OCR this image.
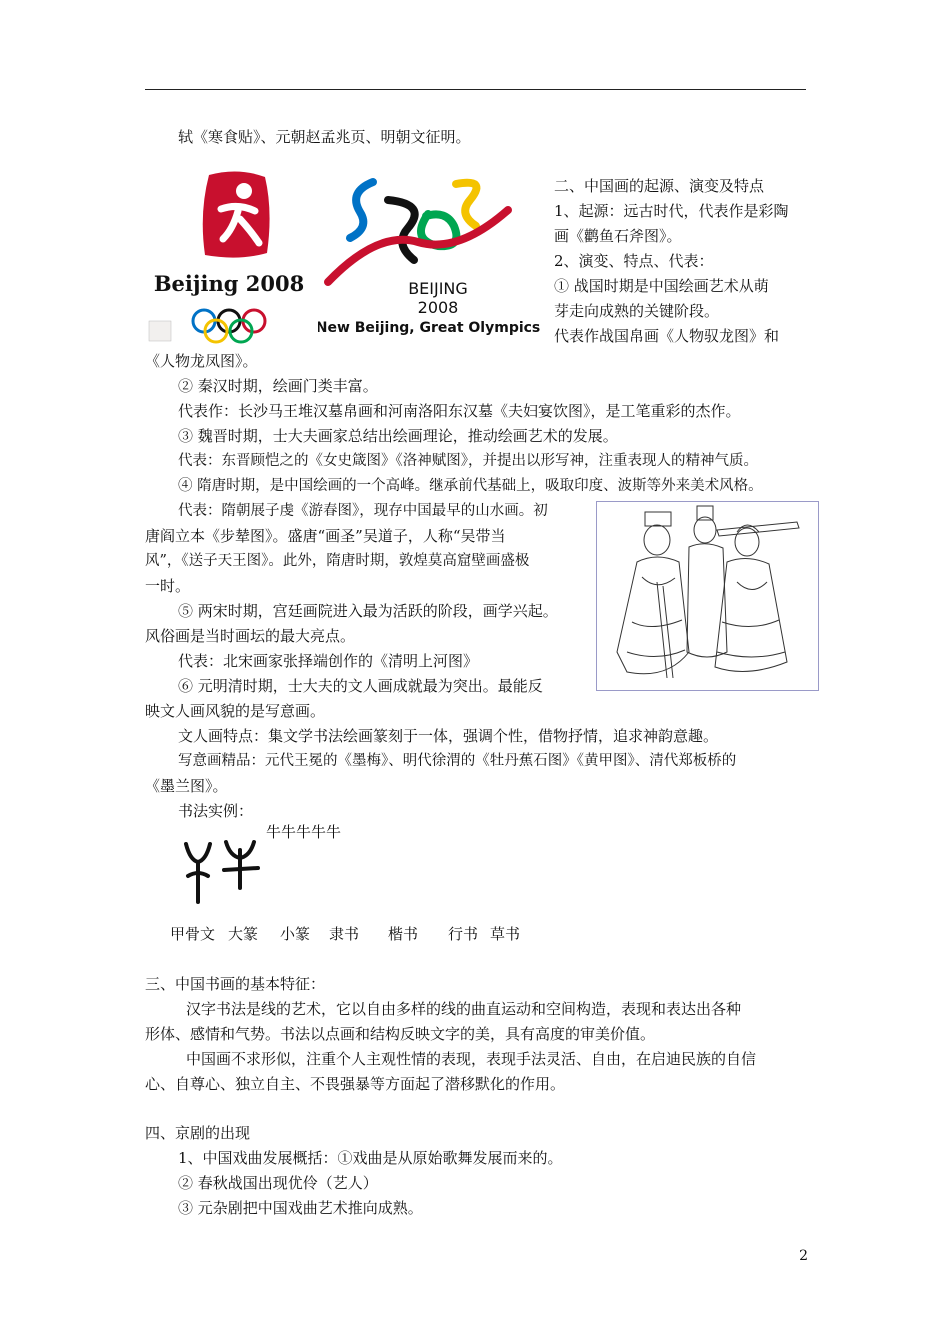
轼《寒食贴》、元朝赵孟兆页、明朝文征明。
Beijing 2008	BEIJING
2008
New Beijing, Great Olympics
二、中国画的起源、演变及特点
1、起源：远古时代，代表作是彩陶
画《鹳鱼石斧图》。
2、演变、特点、代表：
① 战国时期是中国绘画艺术从萌
芽走向成熟的关键阶段。
代表作战国帛画《人物驭龙图》和
《人物龙凤图》。
② 秦汉时期，绘画门类丰富。
代表作：长沙马王堆汉墓帛画和河南洛阳东汉墓《夫妇宴饮图》，是工笔重彩的杰作。
③ 魏晋时期，士大夫画家总结出绘画理论，推动绘画艺术的发展。
代表：东晋顾恺之的《女史箴图》《洛神赋图》，并提出以形写神，注重表现人的精神气质。
④ 隋唐时期，是中国绘画的一个高峰。继承前代基础上，吸取印度、波斯等外来美术风格。
代表：隋朝展子虔《游春图》，现存中国最早的山水画。初
唐阎立本《步辇图》。盛唐“画圣”吴道子，人称“吴带当
风”，《送子天王图》。此外，隋唐时期，敦煌莫高窟壁画盛极
一时。
⑤ 两宋时期，宫廷画院进入最为活跃的阶段，画学兴起。
风俗画是当时画坛的最大亮点。
代表：北宋画家张择端创作的《清明上河图》
⑥ 元明清时期，士大夫的文人画成就最为突出。最能反
映文人画风貌的是写意画。
文人画特点：集文学书法绘画篆刻于一体，强调个性，借物抒情，追求神韵意趣。
写意画精品：元代王冕的《墨梅》、明代徐渭的《牡丹蕉石图》《黄甲图》、清代郑板桥的
《墨兰图》。
书法实例：
牛牛牛牛牛
甲骨文 大篆 小篆 隶书 楷书 行书 草书
三、中国书画的基本特征：
汉字书法是线的艺术，它以自由多样的线的曲直运动和空间构造，表现和表达出各种
形体、感情和气势。书法以点画和结构反映文字的美，具有高度的审美价值。
中国画不求形似，注重个人主观性情的表现，表现手法灵活、自由，在启迪民族的自信
心、自尊心、独立自主、不畏强暴等方面起了潜移默化的作用。
四、京剧的出现
1、中国戏曲发展概括：①戏曲是从原始歌舞发展而来的。
② 春秋战国出现优伶（艺人）
③ 元杂剧把中国戏曲艺术推向成熟。
2
